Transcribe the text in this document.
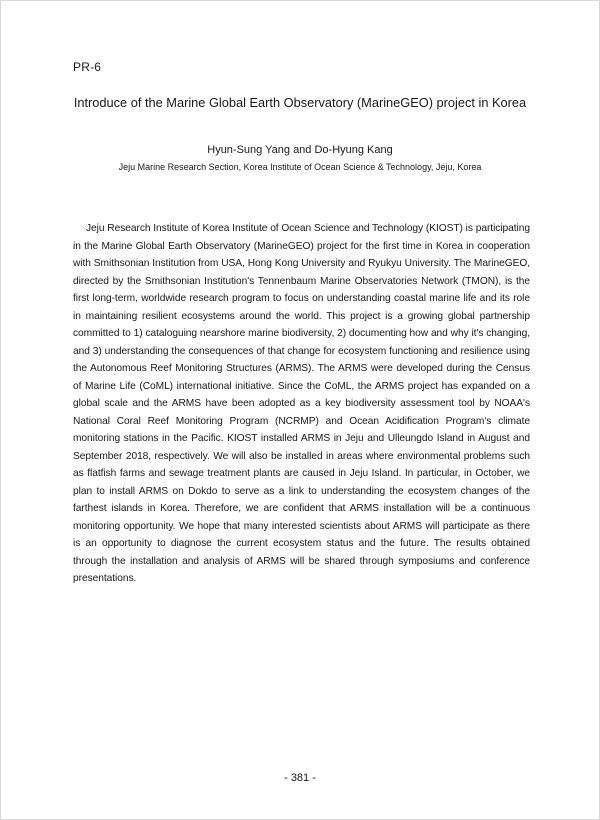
PR-6
Introduce of the Marine Global Earth Observatory (MarineGEO) project in Korea
Hyun-Sung Yang and Do-Hyung Kang
Jeju Marine Research Section, Korea Institute of Ocean Science & Technology, Jeju, Korea

Jeju Research Institute of Korea Institute of Ocean Science and Technology (KIOST) is participating in the Marine Global Earth Observatory (MarineGEO) project for the first time in Korea in cooperation with Smithsonian Institution from USA, Hong Kong University and Ryukyu University. The MarineGEO, directed by the Smithsonian Institution's Tennenbaum Marine Observatories Network (TMON), is the first long-term, worldwide research program to focus on understanding coastal marine life and its role in maintaining resilient ecosystems around the world. This project is a growing global partnership committed to 1) cataloguing nearshore marine biodiversity, 2) documenting how and why it's changing, and 3) understanding the consequences of that change for ecosystem functioning and resilience using the Autonomous Reef Monitoring Structures (ARMS). The ARMS were developed during the Census of Marine Life (CoML) international initiative. Since the CoML, the ARMS project has expanded on a global scale and the ARMS have been adopted as a key biodiversity assessment tool by NOAA's National Coral Reef Monitoring Program (NCRMP) and Ocean Acidification Program's climate monitoring stations in the Pacific. KIOST installed ARMS in Jeju and Ulleungdo Island in August and September 2018, respectively. We will also be installed in areas where environmental problems such as flatfish farms and sewage treatment plants are caused in Jeju Island. In particular, in October, we plan to install ARMS on Dokdo to serve as a link to understanding the ecosystem changes of the farthest islands in Korea. Therefore, we are confident that ARMS installation will be a continuous monitoring opportunity. We hope that many interested scientists about ARMS will participate as there is an opportunity to diagnose the current ecosystem status and the future. The results obtained through the installation and analysis of ARMS will be shared through symposiums and conference presentations.

- 381 -
